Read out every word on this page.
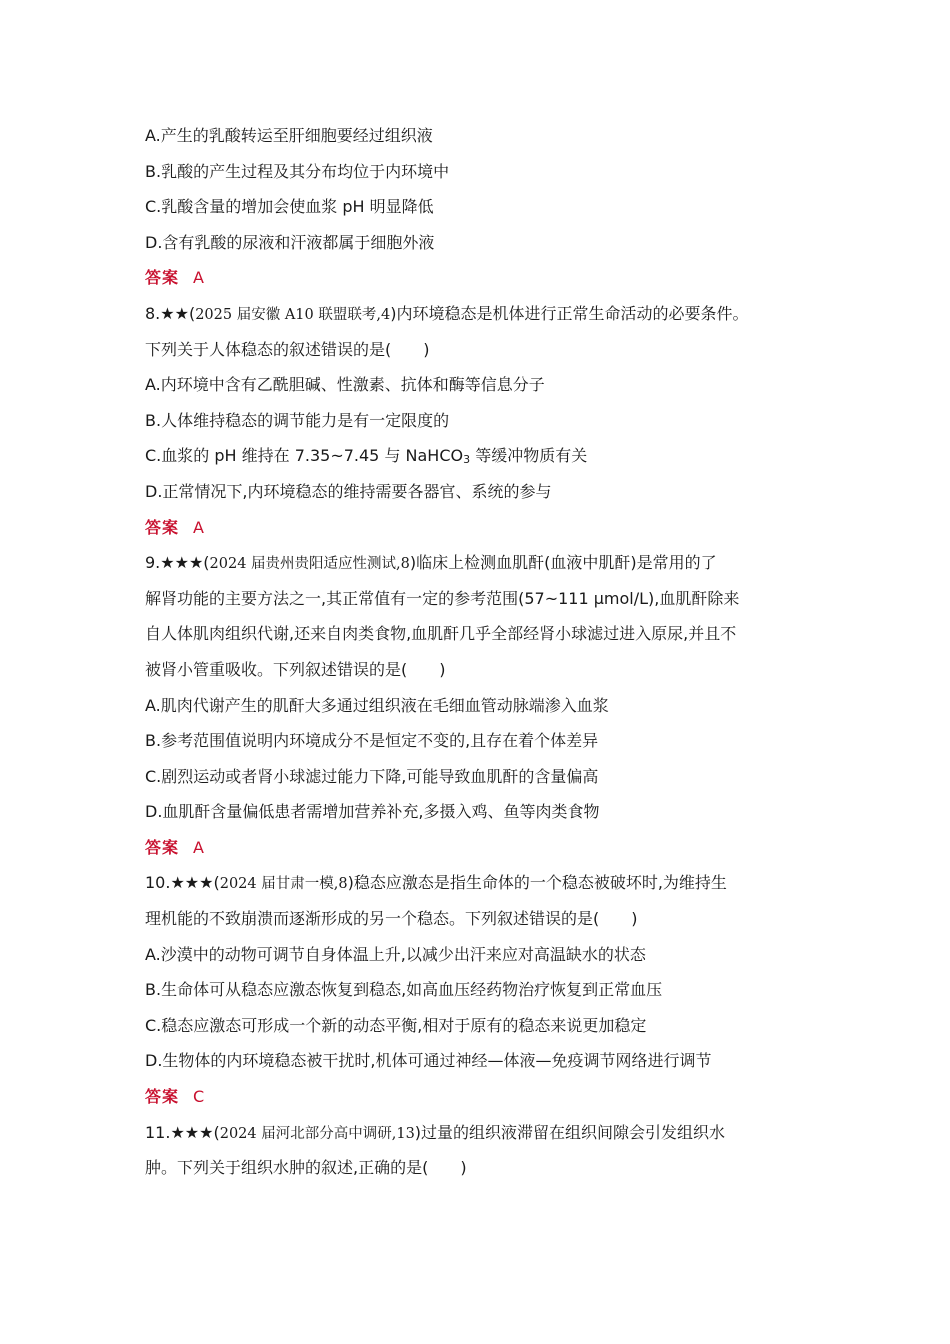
A.产生的乳酸转运至肝细胞要经过组织液
B.乳酸的产生过程及其分布均位于内环境中
C.乳酸含量的增加会使血浆 pH 明显降低
D.含有乳酸的尿液和汗液都属于细胞外液
答案 A
8.★★(2025 届安徽 A10 联盟联考,4)内环境稳态是机体进行正常生命活动的必要条件。
下列关于人体稳态的叙述错误的是(　　)
A.内环境中含有乙酰胆碱、性激素、抗体和酶等信息分子
B.人体维持稳态的调节能力是有一定限度的
C.血浆的 pH 维持在 7.35~7.45 与 NaHCO3 等缓冲物质有关
D.正常情况下,内环境稳态的维持需要各器官、系统的参与
答案 A
9.★★★(2024 届贵州贵阳适应性测试,8)临床上检测血肌酐(血液中肌酐)是常用的了
解肾功能的主要方法之一,其正常值有一定的参考范围(57~111 μmol/L),血肌酐除来
自人体肌肉组织代谢,还来自肉类食物,血肌酐几乎全部经肾小球滤过进入原尿,并且不
被肾小管重吸收。下列叙述错误的是(　　)
A.肌肉代谢产生的肌酐大多通过组织液在毛细血管动脉端渗入血浆
B.参考范围值说明内环境成分不是恒定不变的,且存在着个体差异
C.剧烈运动或者肾小球滤过能力下降,可能导致血肌酐的含量偏高
D.血肌酐含量偏低患者需增加营养补充,多摄入鸡、鱼等肉类食物
答案 A
10.★★★(2024 届甘肃一模,8)稳态应激态是指生命体的一个稳态被破坏时,为维持生
理机能的不致崩溃而逐渐形成的另一个稳态。下列叙述错误的是(　　)
A.沙漠中的动物可调节自身体温上升,以减少出汗来应对高温缺水的状态
B.生命体可从稳态应激态恢复到稳态,如高血压经药物治疗恢复到正常血压
C.稳态应激态可形成一个新的动态平衡,相对于原有的稳态来说更加稳定
D.生物体的内环境稳态被干扰时,机体可通过神经—体液—免疫调节网络进行调节
答案 C
11.★★★(2024 届河北部分高中调研,13)过量的组织液滞留在组织间隙会引发组织水
肿。下列关于组织水肿的叙述,正确的是(　　)
